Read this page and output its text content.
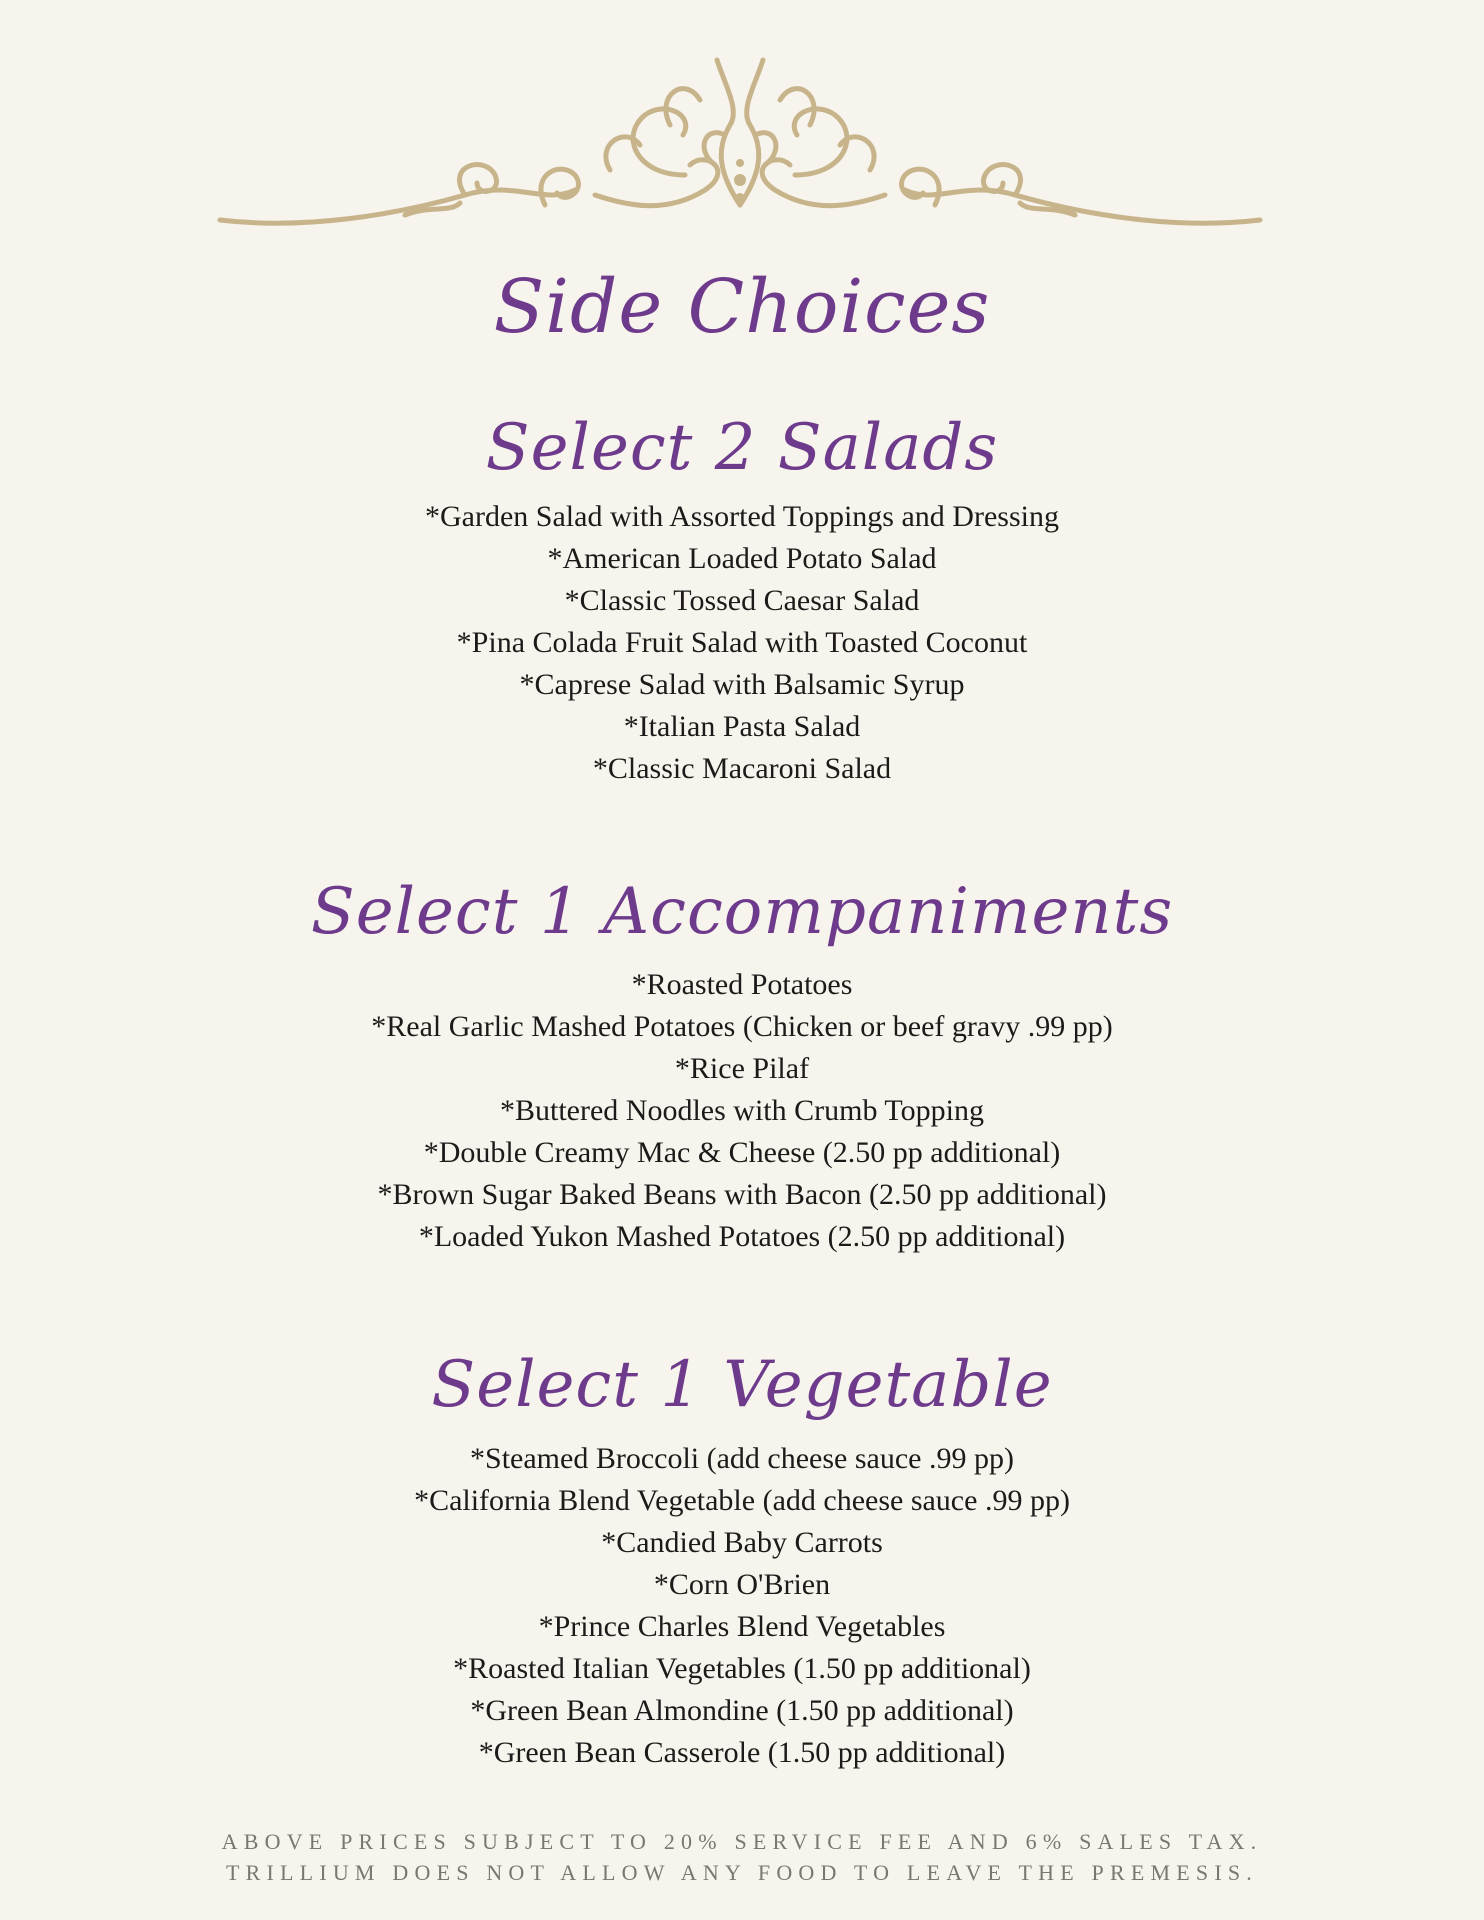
Side Choices
Select 2 Salads
*Garden Salad with Assorted Toppings and Dressing
*American Loaded Potato Salad
*Classic Tossed Caesar Salad
*Pina Colada Fruit Salad with Toasted Coconut
*Caprese Salad with Balsamic Syrup
*Italian Pasta Salad
*Classic Macaroni Salad
Select 1 Accompaniments
*Roasted Potatoes
*Real Garlic Mashed Potatoes (Chicken or beef gravy .99 pp)
*Rice Pilaf
*Buttered Noodles with Crumb Topping
*Double Creamy Mac & Cheese (2.50 pp additional)
*Brown Sugar Baked Beans with Bacon (2.50 pp additional)
*Loaded Yukon Mashed Potatoes (2.50 pp additional)
Select 1 Vegetable
*Steamed Broccoli (add cheese sauce .99 pp)
*California Blend Vegetable (add cheese sauce .99 pp)
*Candied Baby Carrots
*Corn O'Brien
*Prince Charles Blend Vegetables
*Roasted Italian Vegetables (1.50 pp additional)
*Green Bean Almondine (1.50 pp additional)
*Green Bean Casserole (1.50 pp additional)
ABOVE PRICES SUBJECT TO 20% SERVICE FEE AND 6% SALES TAX.
TRILLIUM DOES NOT ALLOW ANY FOOD TO LEAVE THE PREMESIS.
